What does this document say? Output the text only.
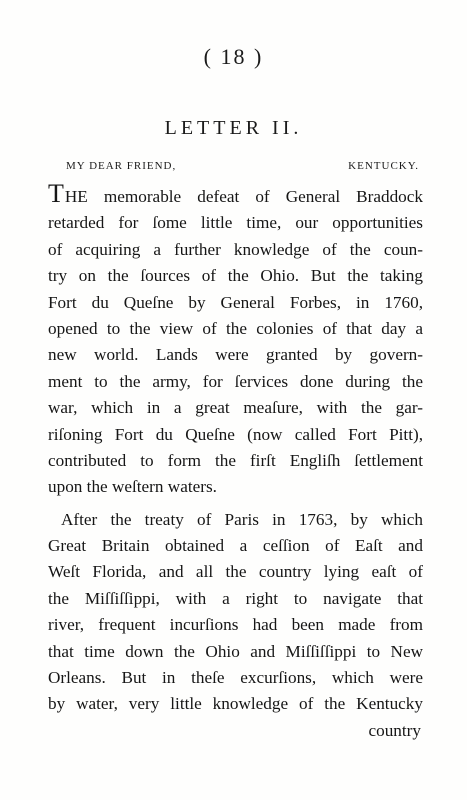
( 18 )
LETTER II.
MY DEAR FRIEND,	KENTUCKY.
THE memorable defeat of General Braddock
retarded for ſome little time, our opportunities
of acquiring a further knowledge of the coun-
try on the ſources of the Ohio. But the taking
Fort du Queſne by General Forbes, in 1760,
opened to the view of the colonies of that day a
new world. Lands were granted by govern-
ment to the army, for ſervices done during the
war, which in a great meaſure, with the gar-
riſoning Fort du Queſne (now called Fort Pitt),
contributed to form the firſt Engliſh ſettlement
upon the weſtern waters.
After the treaty of Paris in 1763, by which
Great Britain obtained a ceſſion of Eaſt and
Weſt Florida, and all the country lying eaſt of
the Miſſiſſippi, with a right to navigate that
river, frequent incurſions had been made from
that time down the Ohio and Miſſiſſippi to New
Orleans. But in theſe excurſions, which were
by water, very little knowledge of the Kentucky
country
